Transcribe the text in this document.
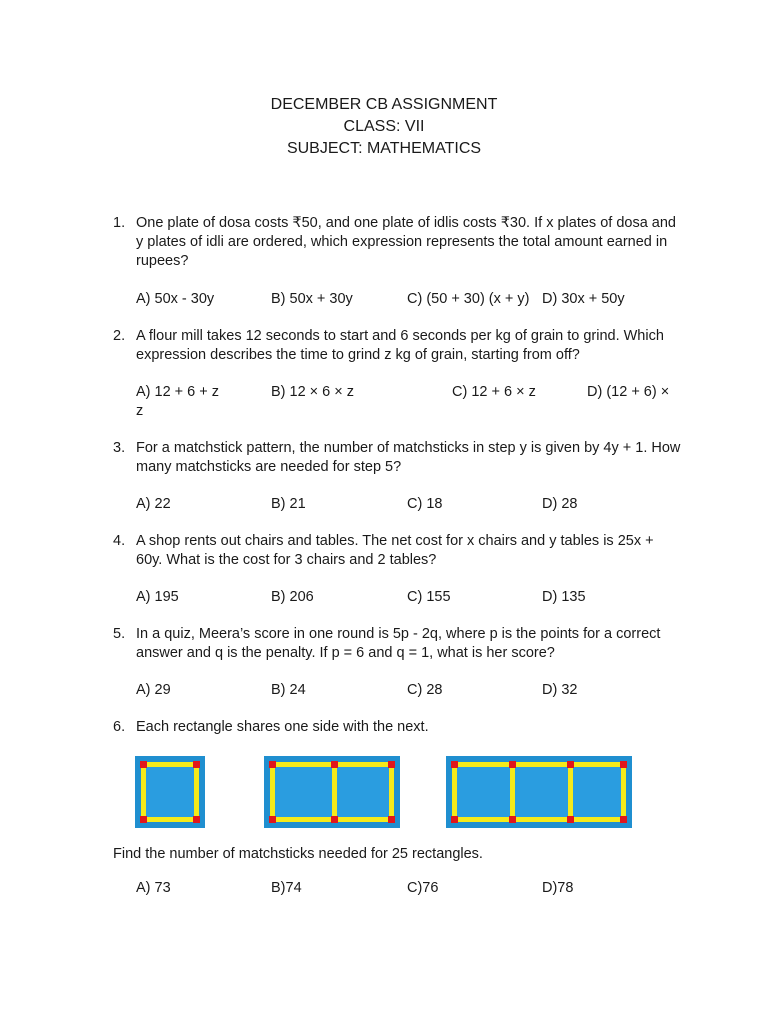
DECEMBER CB ASSIGNMENT
CLASS: VII
SUBJECT: MATHEMATICS
1. One plate of dosa costs ₹50, and one plate of idlis costs ₹30. If x plates of dosa and y plates of idli are ordered, which expression represents the total amount earned in rupees?
A) 50x - 30y	B) 50x + 30y	C) (50 + 30) (x + y) D) 30x + 50y
2. A flour mill takes 12 seconds to start and 6 seconds per kg of grain to grind. Which expression describes the time to grind z kg of grain, starting from off?
A) 12 + 6 + z	B) 12 × 6 × z	C) 12 + 6 × z	D) (12 + 6) ×
z
3. For a matchstick pattern, the number of matchsticks in step y is given by 4y + 1. How many matchsticks are needed for step 5?
A) 22	B) 21	C) 18	D) 28
4. A shop rents out chairs and tables. The net cost for x chairs and y tables is 25x + 60y. What is the cost for 3 chairs and 2 tables?
A) 195	B) 206	C) 155	D) 135
5. In a quiz, Meera’s score in one round is 5p - 2q, where p is the points for a correct answer and q is the penalty. If p = 6 and q = 1, what is her score?
A) 29	B) 24	C) 28	D) 32
6. Each rectangle shares one side with the next.
Find the number of matchsticks needed for 25 rectangles.
A) 73	B)74	C)76	D)78
